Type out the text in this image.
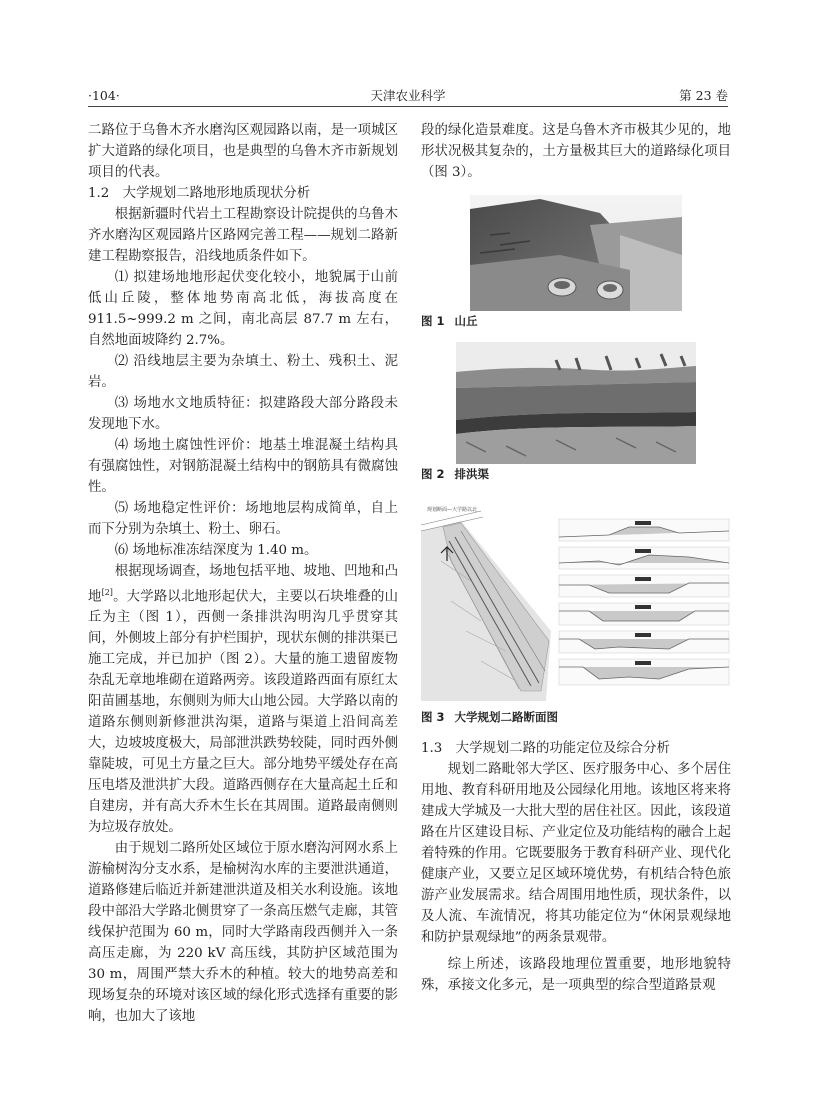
·104·	天津农业科学	第 23 卷

二路位于乌鲁木齐水磨沟区观园路以南，是一项城区扩大道路的绿化项目，也是典型的乌鲁木齐市新规划项目的代表。

1.2　大学规划二路地形地质现状分析

根据新疆时代岩土工程勘察设计院提供的乌鲁木齐水磨沟区观园路片区路网完善工程——规划二路新建工程勘察报告，沿线地质条件如下。

⑴ 拟建场地地形起伏变化较小，地貌属于山前低山丘陵，整体地势南高北低，海拔高度在 911.5~999.2 m 之间，南北高层 87.7 m 左右，自然地面坡降约 2.7%。

⑵ 沿线地层主要为杂填土、粉土、残积土、泥岩。

⑶ 场地水文地质特征：拟建路段大部分路段未发现地下水。

⑷ 场地土腐蚀性评价：地基土堆混凝土结构具有强腐蚀性，对钢筋混凝土结构中的钢筋具有微腐蚀性。

⑸ 场地稳定性评价：场地地层构成简单，自上而下分别为杂填土、粉土、卵石。

⑹ 场地标准冻结深度为 1.40 m。

根据现场调查，场地包括平地、坡地、凹地和凸地[2]。大学路以北地形起伏大，主要以石块堆叠的山丘为主（图 1），西侧一条排洪沟明沟几乎贯穿其间，外侧坡上部分有护栏围护，现状东侧的排洪渠已施工完成，并已加护（图 2）。大量的施工遗留废物杂乱无章地堆砌在道路两旁。该段道路西面有原红太阳苗圃基地，东侧则为师大山地公园。大学路以南的道路东侧则新修泄洪沟渠，道路与渠道上沿间高差大，边坡坡度极大，局部泄洪跌势较陡，同时西外侧靠陡坡，可见土方量之巨大。部分地势平缓处存在高压电塔及泄洪扩大段。道路西侧存在大量高起土丘和自建房，并有高大乔木生长在其周围。道路最南侧则为垃圾存放处。

由于规划二路所处区域位于原水磨沟河网水系上游榆树沟分支水系，是榆树沟水库的主要泄洪通道，道路修建后临近并新建泄洪道及相关水利设施。该地段中部沿大学路北侧贯穿了一条高压燃气走廊，其管线保护范围为 60 m，同时大学路南段西侧并入一条高压走廊，为 220 kV 高压线，其防护区域范围为 30 m，周围严禁大乔木的种植。较大的地势高差和现场复杂的环境对该区域的绿化形式选择有重要的影响，也加大了该地

段的绿化造景难度。这是乌鲁木齐市极其少见的，地形状况极其复杂的，土方量极其巨大的道路绿化项目（图 3）。

图 1 山丘

图 2 排洪渠

规划断面—大学路以北

图 3 大学规划二路断面图

1.3　大学规划二路的功能定位及综合分析

规划二路毗邻大学区、医疗服务中心、多个居住用地、教育科研用地及公园绿化用地。该地区将来将建成大学城及一大批大型的居住社区。因此，该段道路在片区建设目标、产业定位及功能结构的融合上起着特殊的作用。它既要服务于教育科研产业、现代化健康产业，又要立足区域环境优势，有机结合特色旅游产业发展需求。结合周围用地性质，现状条件，以及人流、车流情况，将其功能定位为“休闲景观绿地和防护景观绿地”的两条景观带。

综上所述，该路段地理位置重要，地形地貌特殊，承接文化多元，是一项典型的综合型道路景观
